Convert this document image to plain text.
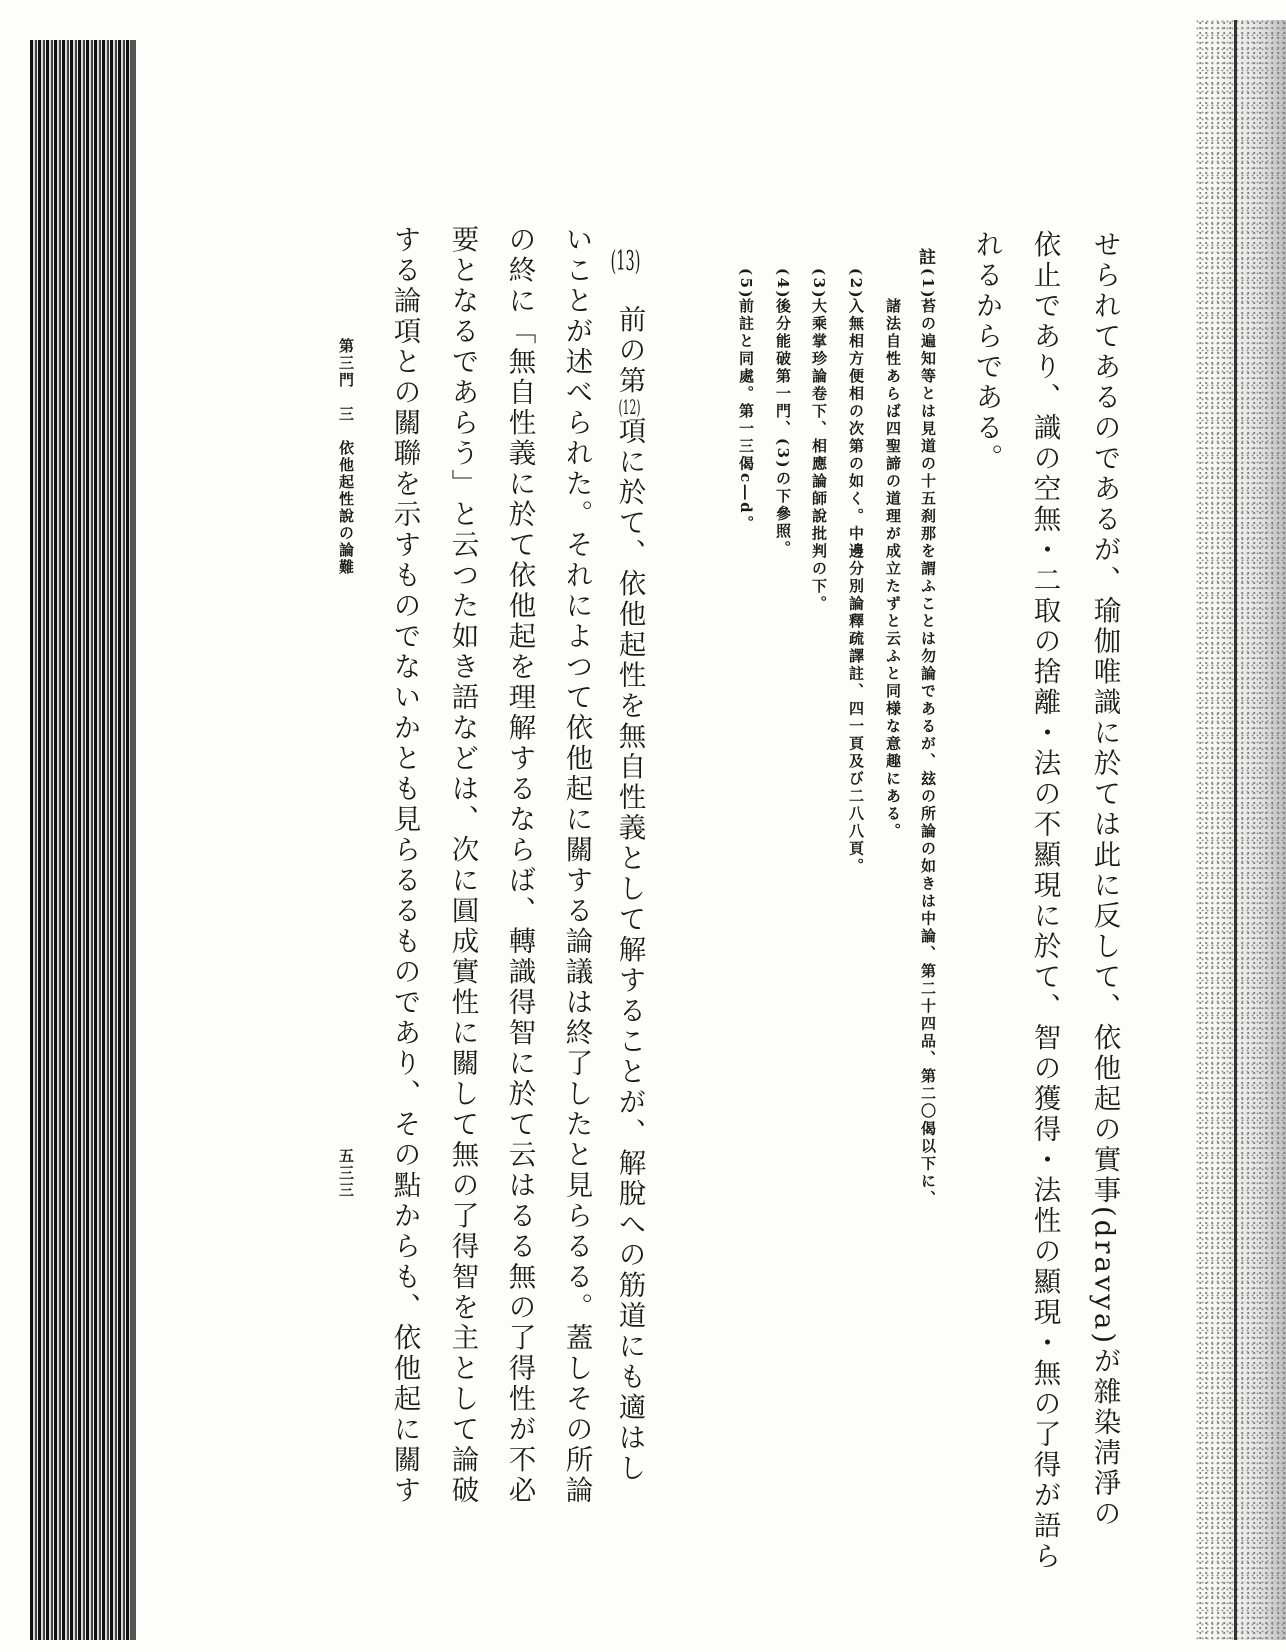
せられてあるのであるが、瑜伽唯識に於ては此に反して、依他起の實事(dravya)が雜染淸淨の

依止であり、識の空無・二取の捨離・法の不顯現に於て、智の獲得・法性の顯現・無の了得が語ら

れるからである。

註
(1)
苔の遍知等とは見道の十五刹那を謂ふことは勿論であるが、玆の所論の如きは中論、第二十四品、第二〇偈以下に、
諸法自性あらば四聖諦の道理が成立たずと云ふと同様な意趣にある。
(2)
入無相方便相の次第の如く。中邊分別論釋疏譯註、四一頁及び二八八頁。
(3)
大乘掌珍論卷下、相應論師說批判の下。
(4)
後分能破第一門、(3)の下參照。
(5)
前註と同處。第一三偈c―d。
(13)

前の第(12)項に於て、依他起性を無自性義として解することが、解脫への筋道にも適はし

いことが述べられた。それによつて依他起に關する論議は終了したと見らるる。蓋しその所論

の終に「無自性義に於て依他起を理解するならば、轉識得智に於て云はるる無の了得性が不必

要となるであらう」と云つた如き語などは、次に圓成實性に關して無の了得智を主として論破

する論項との關聯を示すものでないかとも見らるるものであり、その點からも、依他起に關す

第三門　三　依他起性說の論難
五三三
